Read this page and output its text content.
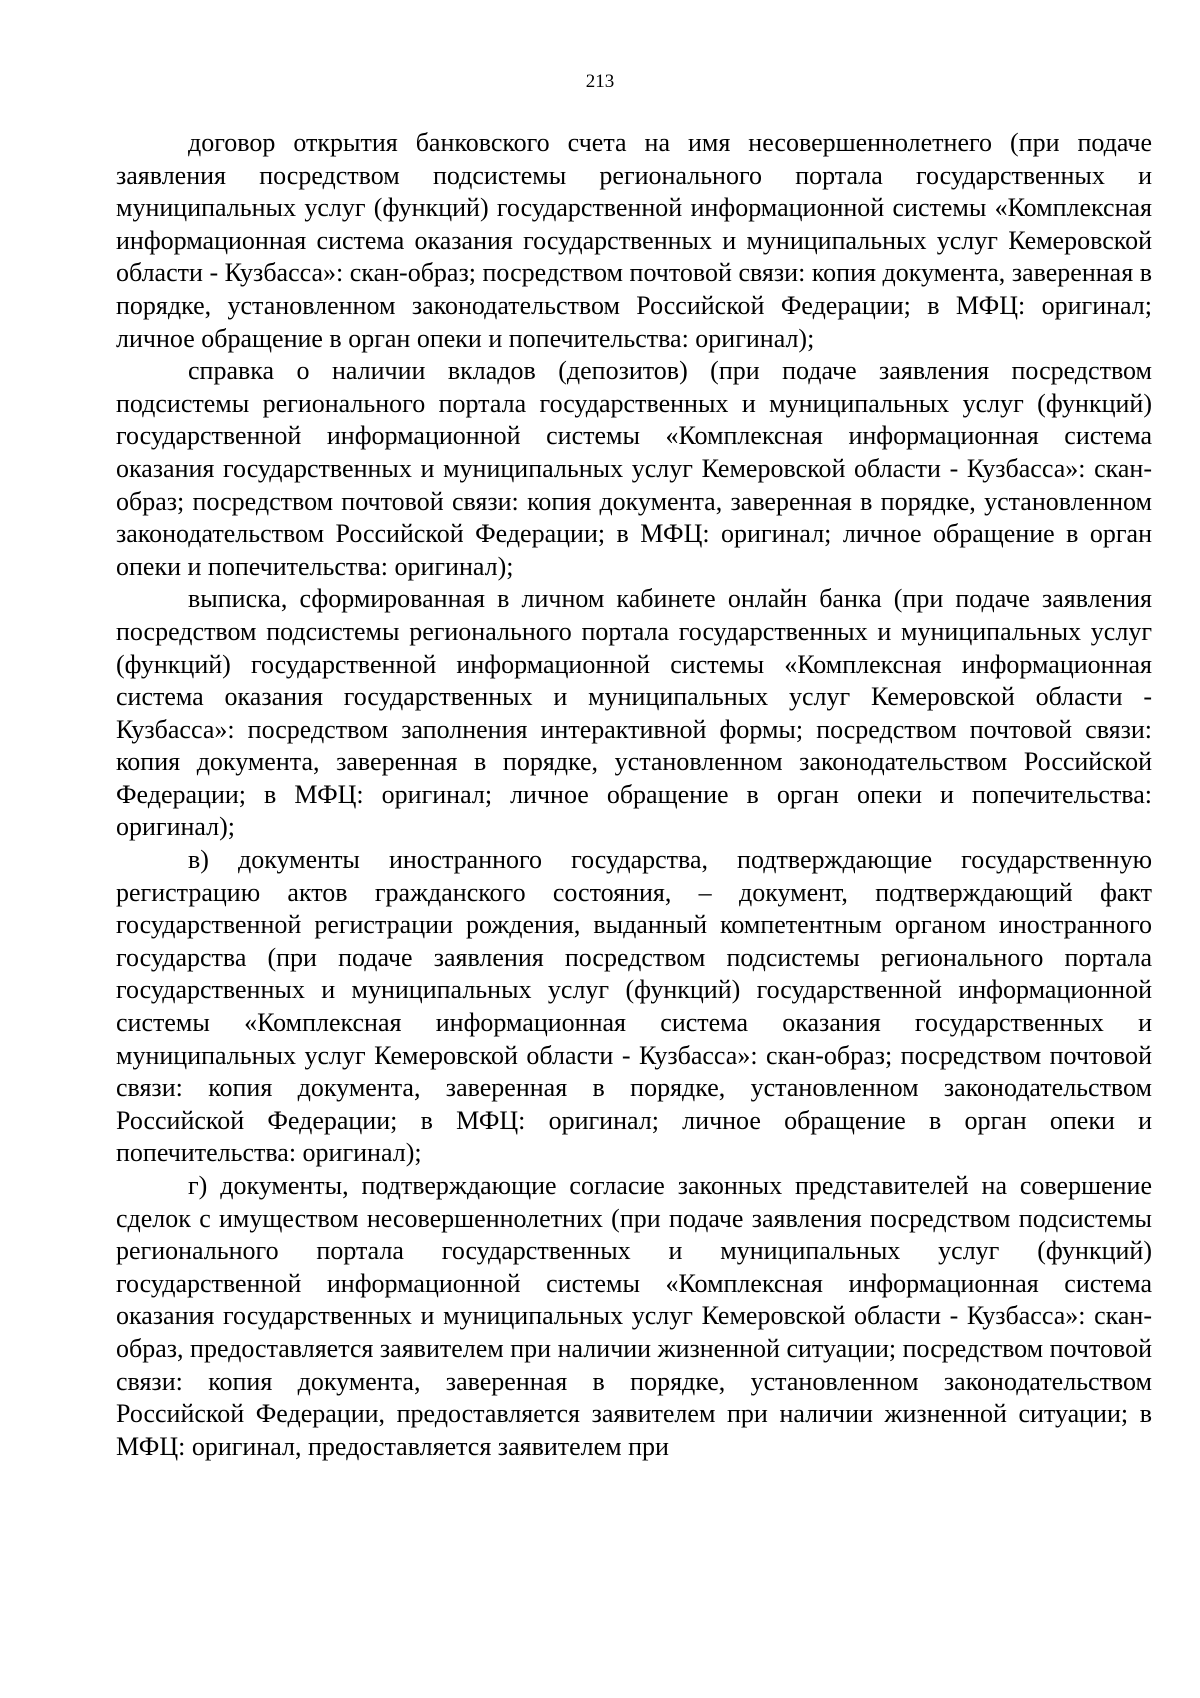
213

договор открытия банковского счета на имя несовершеннолетнего (при подаче заявления посредством подсистемы регионального портала государственных и муниципальных услуг (функций) государственной информационной системы «Комплексная информационная система оказания государственных и муниципальных услуг Кемеровской области - Кузбасса»: скан-образ; посредством почтовой связи: копия документа, заверенная в порядке, установленном законодательством Российской Федерации; в МФЦ: оригинал; личное обращение в орган опеки и попечительства: оригинал);

справка о наличии вкладов (депозитов) (при подаче заявления посредством подсистемы регионального портала государственных и муниципальных услуг (функций) государственной информационной системы «Комплексная информационная система оказания государственных и муниципальных услуг Кемеровской области - Кузбасса»: скан-образ; посредством почтовой связи: копия документа, заверенная в порядке, установленном законодательством Российской Федерации; в МФЦ: оригинал; личное обращение в орган опеки и попечительства: оригинал);

выписка, сформированная в личном кабинете онлайн банка (при подаче заявления посредством подсистемы регионального портала государственных и муниципальных услуг (функций) государственной информационной системы «Комплексная информационная система оказания государственных и муниципальных услуг Кемеровской области - Кузбасса»: посредством заполнения интерактивной формы; посредством почтовой связи: копия документа, заверенная в порядке, установленном законодательством Российской Федерации; в МФЦ: оригинал; личное обращение в орган опеки и попечительства: оригинал);

в) документы иностранного государства, подтверждающие государственную регистрацию актов гражданского состояния, – документ, подтверждающий факт государственной регистрации рождения, выданный компетентным органом иностранного государства (при подаче заявления посредством подсистемы регионального портала государственных и муниципальных услуг (функций) государственной информационной системы «Комплексная информационная система оказания государственных и муниципальных услуг Кемеровской области - Кузбасса»: скан-образ; посредством почтовой связи: копия документа, заверенная в порядке, установленном законодательством Российской Федерации; в МФЦ: оригинал; личное обращение в орган опеки и попечительства: оригинал);

г) документы, подтверждающие согласие законных представителей на совершение сделок с имуществом несовершеннолетних (при подаче заявления посредством подсистемы регионального портала государственных и муниципальных услуг (функций) государственной информационной системы «Комплексная информационная система оказания государственных и муниципальных услуг Кемеровской области - Кузбасса»: скан-образ, предоставляется заявителем при наличии жизненной ситуации; посредством почтовой связи: копия документа, заверенная в порядке, установленном законодательством Российской Федерации, предоставляется заявителем при наличии жизненной ситуации; в МФЦ: оригинал, предоставляется заявителем при
